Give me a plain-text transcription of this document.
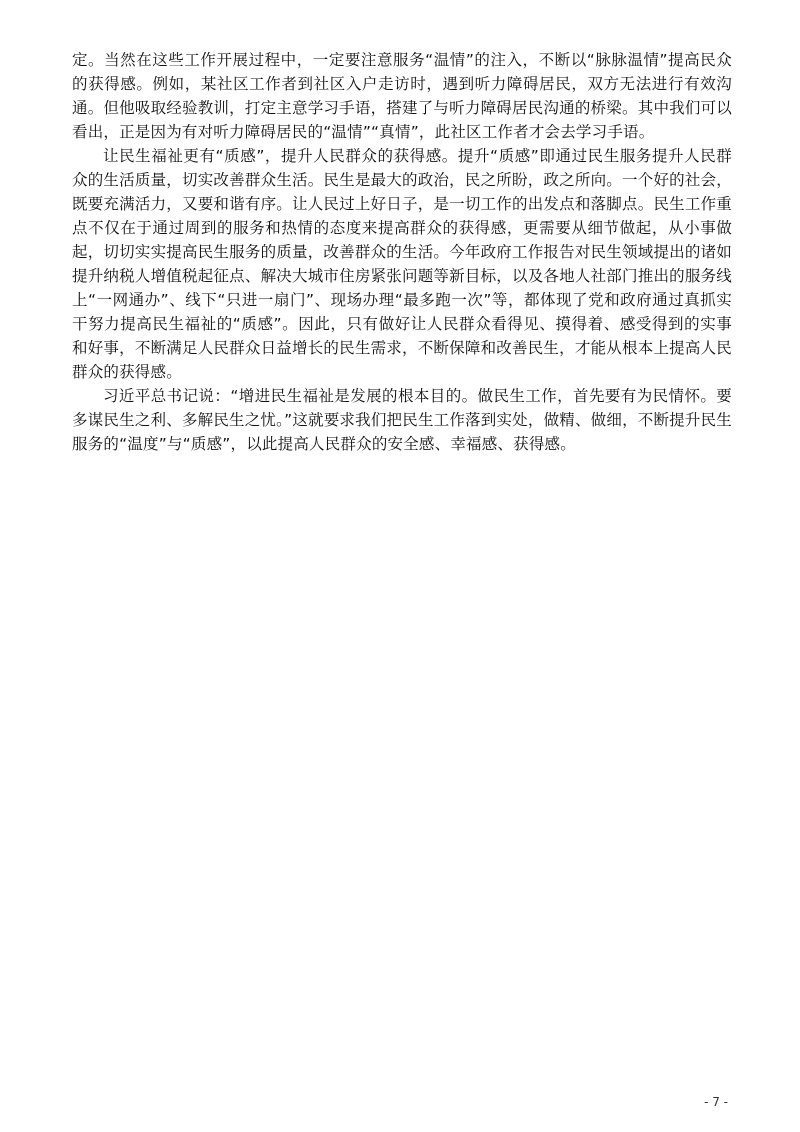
定。当然在这些工作开展过程中，一定要注意服务“温情”的注入，不断以“脉脉温情”提高民众的获得感。例如，某社区工作者到社区入户走访时，遇到听力障碍居民，双方无法进行有效沟通。但他吸取经验教训，打定主意学习手语，搭建了与听力障碍居民沟通的桥梁。其中我们可以看出，正是因为有对听力障碍居民的“温情”“真情”，此社区工作者才会去学习手语。

让民生福祉更有“质感”，提升人民群众的获得感。提升“质感”即通过民生服务提升人民群众的生活质量，切实改善群众生活。民生是最大的政治，民之所盼，政之所向。一个好的社会，既要充满活力，又要和谐有序。让人民过上好日子，是一切工作的出发点和落脚点。民生工作重点不仅在于通过周到的服务和热情的态度来提高群众的获得感，更需要从细节做起，从小事做起，切切实实提高民生服务的质量，改善群众的生活。今年政府工作报告对民生领域提出的诸如提升纳税人增值税起征点、解决大城市住房紧张问题等新目标，以及各地人社部门推出的服务线上“一网通办”、线下“只进一扇门”、现场办理“最多跑一次”等，都体现了党和政府通过真抓实干努力提高民生福祉的“质感”。因此，只有做好让人民群众看得见、摸得着、感受得到的实事和好事，不断满足人民群众日益增长的民生需求，不断保障和改善民生，才能从根本上提高人民群众的获得感。

习近平总书记说：“增进民生福祉是发展的根本目的。做民生工作，首先要有为民情怀。要多谋民生之利、多解民生之忧。”这就要求我们把民生工作落到实处，做精、做细，不断提升民生服务的“温度”与“质感”，以此提高人民群众的安全感、幸福感、获得感。

- 7 -
